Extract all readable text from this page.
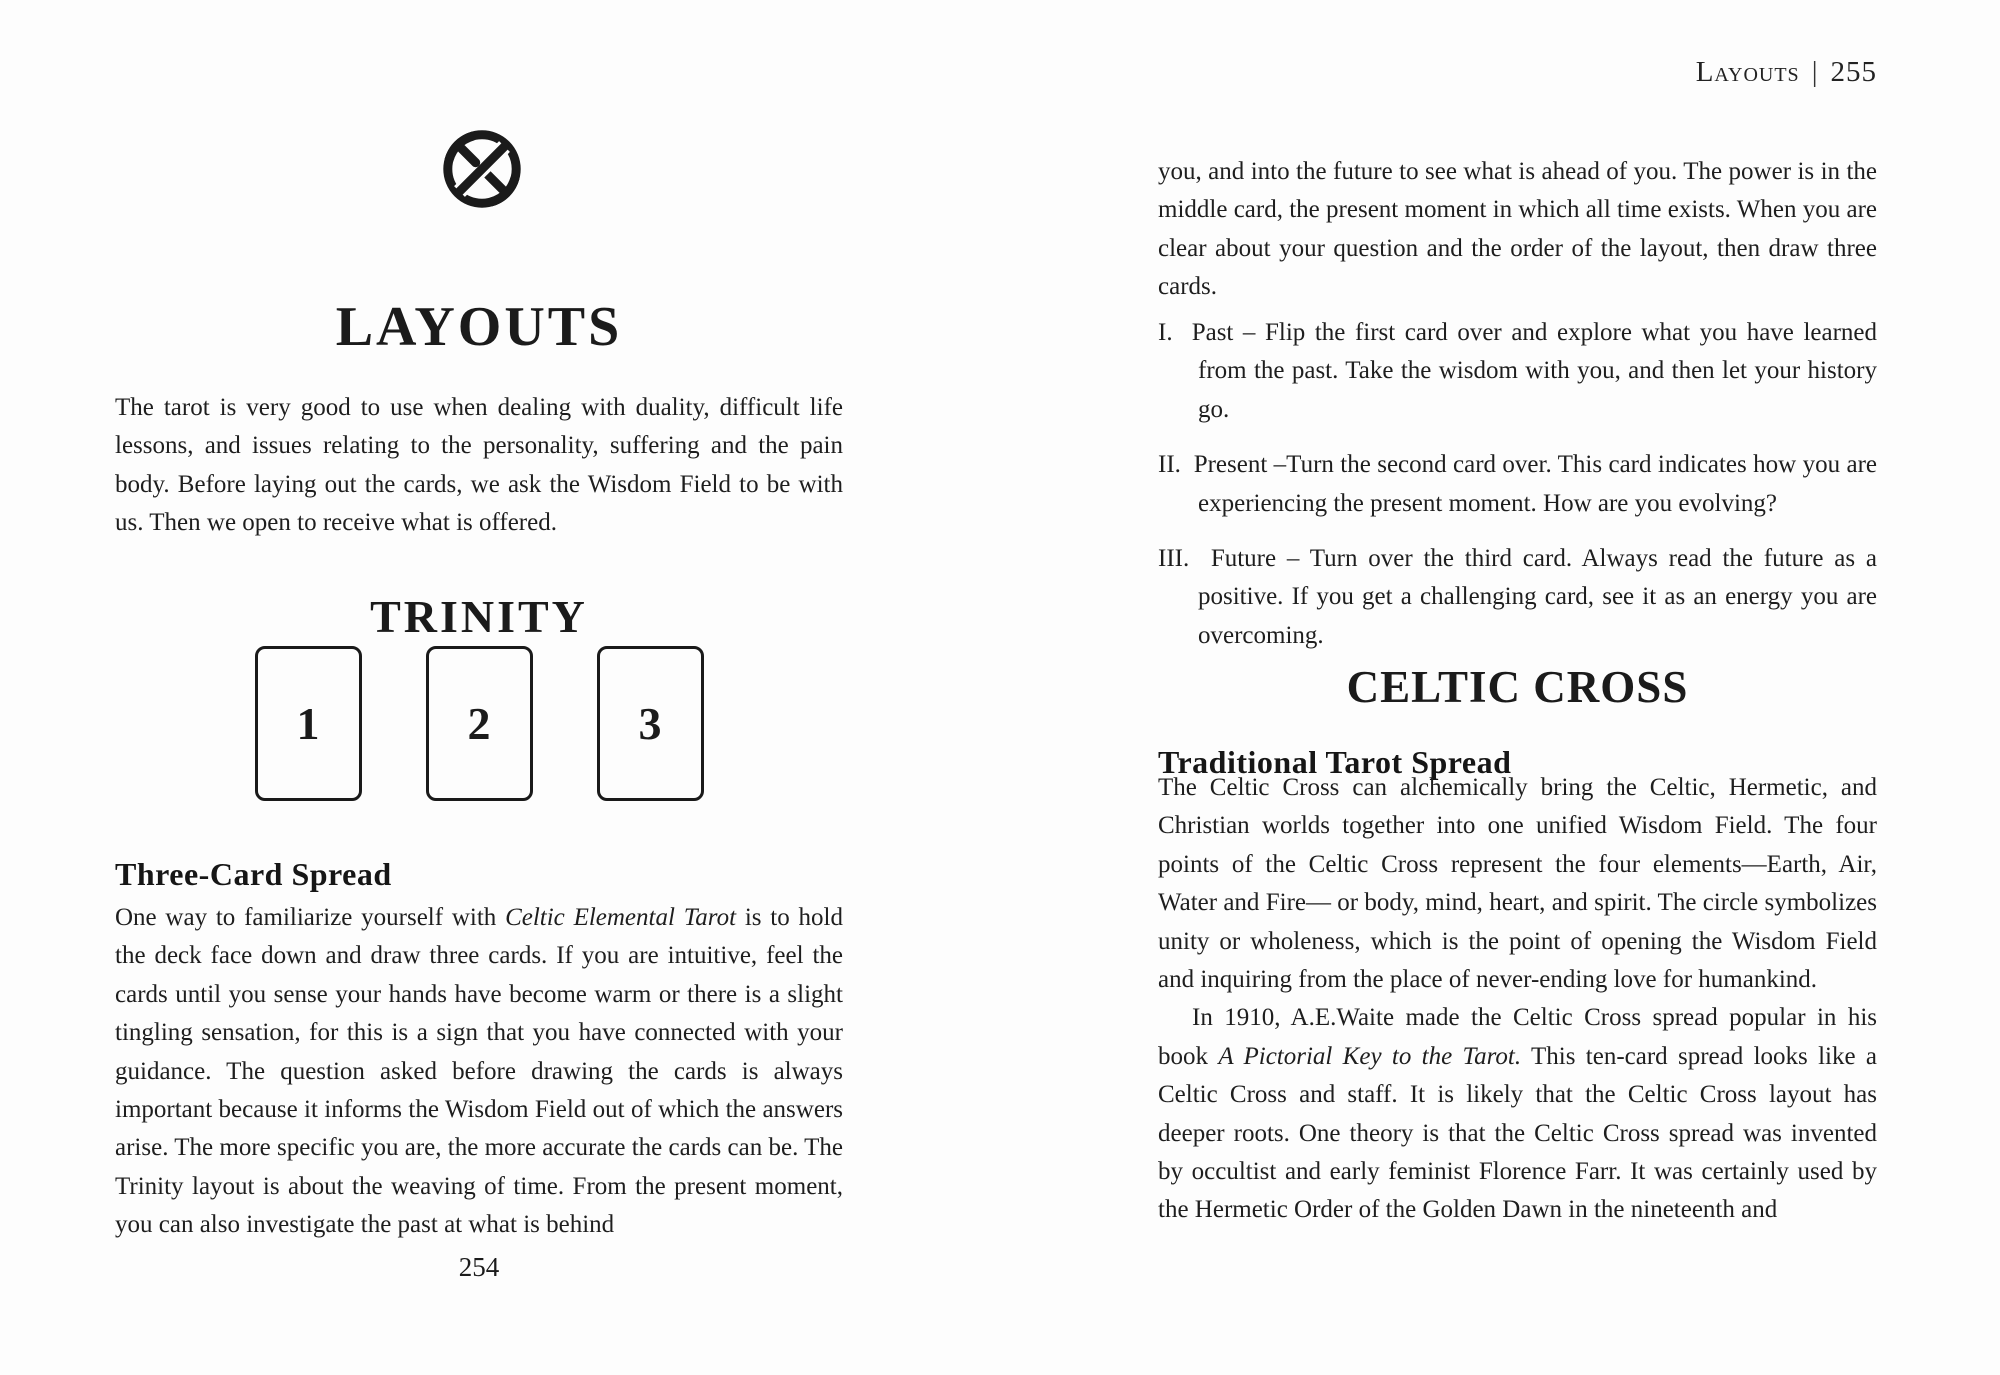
LAYOUTS

The tarot is very good to use when dealing with duality, difficult life lessons, and issues relating to the personality, suffering and the pain body. Before laying out the cards, we ask the Wisdom Field to be with us. Then we open to receive what is offered.

TRINITY
1	2	3
Three-Card Spread

One way to familiarize yourself with Celtic Elemental Tarot is to hold the deck face down and draw three cards. If you are intuitive, feel the cards until you sense your hands have become warm or there is a slight tingling sensation, for this is a sign that you have connected with your guidance. The question asked before drawing the cards is always important because it informs the Wisdom Field out of which the answers arise. The more specific you are, the more accurate the cards can be. The Trinity layout is about the weaving of time. From the present moment, you can also investigate the past at what is behind

254
Layouts | 255

you, and into the future to see what is ahead of you. The power is in the middle card, the present moment in which all time exists. When you are clear about your question and the order of the layout, then draw three cards.

I. Past – Flip the first card over and explore what you have learned from the past. Take the wisdom with you, and then let your history go.
II. Present –Turn the second card over. This card indicates how you are experiencing the present moment. How are you evolving?
III. Future – Turn over the third card. Always read the future as a positive. If you get a challenging card, see it as an energy you are overcoming.
CELTIC CROSS
Traditional Tarot Spread

The Celtic Cross can alchemically bring the Celtic, Hermetic, and Christian worlds together into one unified Wisdom Field. The four points of the Celtic Cross represent the four elements—Earth, Air, Water and Fire— or body, mind, heart, and spirit. The circle symbolizes unity or wholeness, which is the point of opening the Wisdom Field and inquiring from the place of never-ending love for humankind.

In 1910, A.E.Waite made the Celtic Cross spread popular in his book A Pictorial Key to the Tarot. This ten-card spread looks like a Celtic Cross and staff. It is likely that the Celtic Cross layout has deeper roots. One theory is that the Celtic Cross spread was invented by occultist and early feminist Florence Farr. It was certainly used by the Hermetic Order of the Golden Dawn in the nineteenth and
